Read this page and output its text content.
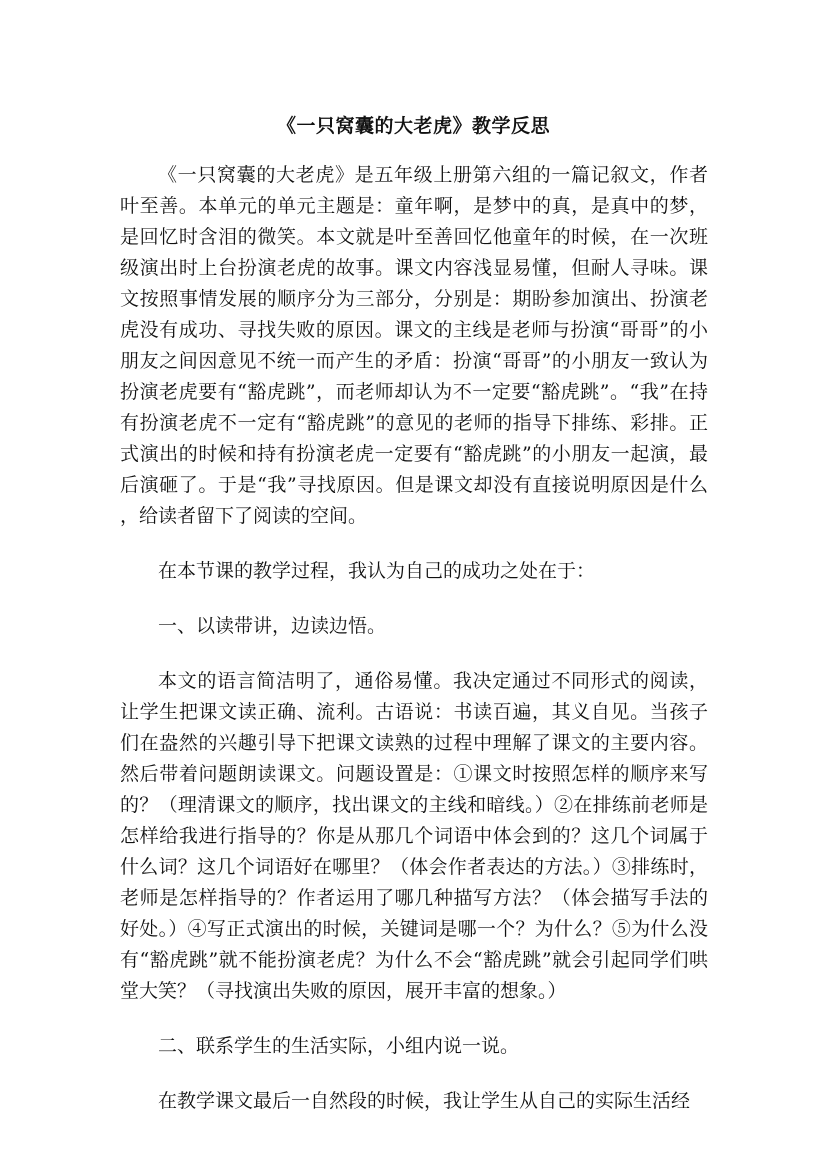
《一只窝囊的大老虎》教学反思

《一只窝囊的大老虎》是五年级上册第六组的一篇记叙文，作者叶至善。本单元的单元主题是：童年啊，是梦中的真，是真中的梦，是回忆时含泪的微笑。本文就是叶至善回忆他童年的时候，在一次班级演出时上台扮演老虎的故事。课文内容浅显易懂，但耐人寻味。课文按照事情发展的顺序分为三部分，分别是：期盼参加演出、扮演老虎没有成功、寻找失败的原因。课文的主线是老师与扮演“哥哥”的小朋友之间因意见不统一而产生的矛盾：扮演“哥哥”的小朋友一致认为扮演老虎要有“豁虎跳”，而老师却认为不一定要“豁虎跳”。“我”在持有扮演老虎不一定有“豁虎跳”的意见的老师的指导下排练、彩排。正式演出的时候和持有扮演老虎一定要有“豁虎跳”的小朋友一起演，最后演砸了。于是“我”寻找原因。但是课文却没有直接说明原因是什么，给读者留下了阅读的空间。

在本节课的教学过程，我认为自己的成功之处在于：

一、以读带讲，边读边悟。

本文的语言简洁明了，通俗易懂。我决定通过不同形式的阅读，让学生把课文读正确、流利。古语说：书读百遍，其义自见。当孩子们在盎然的兴趣引导下把课文读熟的过程中理解了课文的主要内容。然后带着问题朗读课文。问题设置是：①课文时按照怎样的顺序来写的？（理清课文的顺序，找出课文的主线和暗线。）②在排练前老师是怎样给我进行指导的？你是从那几个词语中体会到的？这几个词属于什么词？这几个词语好在哪里？（体会作者表达的方法。）③排练时，老师是怎样指导的？作者运用了哪几种描写方法？（体会描写手法的好处。）④写正式演出的时候，关键词是哪一个？为什么？⑤为什么没有“豁虎跳”就不能扮演老虎？为什么不会“豁虎跳”就会引起同学们哄堂大笑？（寻找演出失败的原因，展开丰富的想象。）

二、联系学生的生活实际，小组内说一说。

在教学课文最后一自然段的时候，我让学生从自己的实际生活经
